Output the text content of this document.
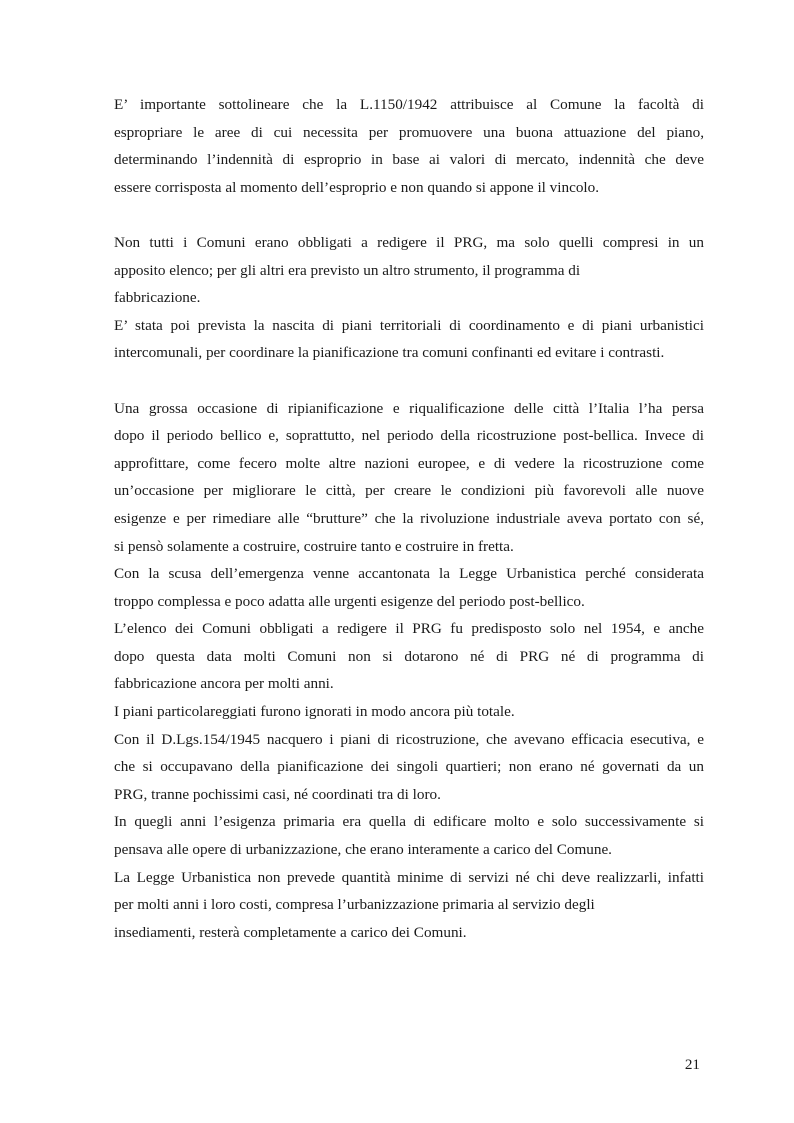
E’ importante sottolineare che la L.1150/1942 attribuisce al Comune la facoltà di
espropriare le aree di cui necessita per promuovere una buona attuazione del piano,
determinando l’indennità di esproprio in base ai valori di mercato, indennità che deve
essere corrisposta al momento dell’esproprio e non quando si appone il vincolo.
Non tutti i Comuni erano obbligati a redigere il PRG, ma solo quelli compresi in un
apposito elenco; per gli altri era previsto un altro strumento, il programma di
fabbricazione.
E’ stata poi prevista la nascita di piani territoriali di coordinamento e di piani urbanistici
intercomunali, per coordinare la pianificazione tra comuni confinanti ed evitare i contrasti.
Una grossa occasione di ripianificazione e riqualificazione delle città l’Italia l’ha persa
dopo il periodo bellico e, soprattutto, nel periodo della ricostruzione post-bellica. Invece di
approfittare, come fecero molte altre nazioni europee, e di vedere la ricostruzione come
un’occasione per migliorare le città, per creare le condizioni più favorevoli alle nuove
esigenze e per rimediare alle “brutture” che la rivoluzione industriale aveva portato con sé,
si pensò solamente a costruire, costruire tanto e costruire in fretta.
Con la scusa dell’emergenza venne accantonata la Legge Urbanistica perché considerata
troppo complessa e poco adatta alle urgenti esigenze del periodo post-bellico.
L’elenco dei Comuni obbligati a redigere il PRG fu predisposto solo nel 1954, e anche
dopo questa data molti Comuni non si dotarono né di PRG né di programma di
fabbricazione ancora per molti anni.
I piani particolareggiati furono ignorati in modo ancora più totale.
Con il D.Lgs.154/1945 nacquero i piani di ricostruzione, che avevano efficacia esecutiva, e
che si occupavano della pianificazione dei singoli quartieri; non erano né governati da un
PRG, tranne pochissimi casi, né coordinati tra di loro.
In quegli anni l’esigenza primaria era quella di edificare molto e solo successivamente si
pensava alle opere di urbanizzazione, che erano interamente a carico del Comune.
La Legge Urbanistica non prevede quantità minime di servizi né chi deve realizzarli, infatti
per molti anni i loro costi, compresa l’urbanizzazione primaria al servizio degli
insediamenti, resterà completamente a carico dei Comuni.
21
